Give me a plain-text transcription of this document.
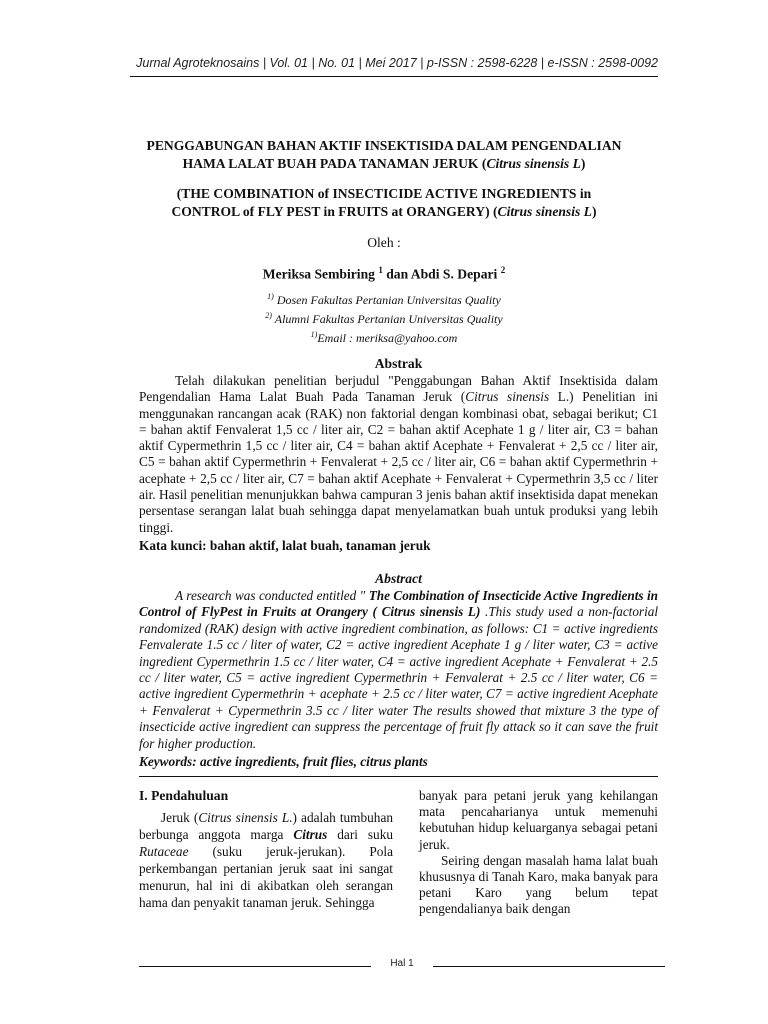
Jurnal Agroteknosains | Vol. 01 | No. 01 | Mei 2017 | p-ISSN : 2598-6228 | e-ISSN : 2598-0092

PENGGABUNGAN BAHAN AKTIF INSEKTISIDA DALAM PENGENDALIAN
HAMA LALAT BUAH PADA TANAMAN JERUK (Citrus sinensis L)

(THE COMBINATION of INSECTICIDE ACTIVE INGREDIENTS in
CONTROL of FLY PEST in FRUITS at ORANGERY) (Citrus sinensis L)

Oleh :
Meriksa Sembiring $^1$ dan Abdi S. Depari $^2$
$^{1)}$ Dosen Fakultas Pertanian Universitas Quality
$^{2)}$ Alumni Fakultas Pertanian Universitas Quality
$^{1)}$Email : meriksa@yahoo.com

Abstrak

Telah dilakukan penelitian berjudul "Penggabungan Bahan Aktif Insektisida dalam Pengendalian Hama Lalat Buah Pada Tanaman Jeruk (Citrus sinensis L.) Penelitian ini menggunakan rancangan acak (RAK) non faktorial dengan kombinasi obat, sebagai berikut; C1 = bahan aktif Fenvalerat 1,5 cc / liter air, C2 = bahan aktif Acephate 1 g / liter air, C3 = bahan aktif Cypermethrin 1,5 cc / liter air, C4 = bahan aktif Acephate + Fenvalerat + 2,5 cc / liter air, C5 = bahan aktif Cypermethrin + Fenvalerat + 2,5 cc / liter air, C6 = bahan aktif Cypermethrin + acephate + 2,5 cc / liter air, C7 = bahan aktif Acephate + Fenvalerat + Cypermethrin 3,5 cc / liter air. Hasil penelitian menunjukkan bahwa campuran 3 jenis bahan aktif insektisida dapat menekan persentase serangan lalat buah sehingga dapat menyelamatkan buah untuk produksi yang lebih tinggi.

Kata kunci: bahan aktif, lalat buah, tanaman jeruk

Abstract

A research was conducted entitled " The Combination of Insecticide Active Ingredients in Control of FlyPest in Fruits at Orangery ( Citrus sinensis L) .This study used a non-factorial randomized (RAK) design with active ingredient combination, as follows: C1 = active ingredients Fenvalerate 1.5 cc / liter of water, C2 = active ingredient Acephate 1 g / liter water, C3 = active ingredient Cypermethrin 1.5 cc / liter water, C4 = active ingredient Acephate + Fenvalerat + 2.5 cc / liter water, C5 = active ingredient Cypermethrin + Fenvalerat + 2.5 cc / liter water, C6 = active ingredient Cypermethrin + acephate + 2.5 cc / liter water, C7 = active ingredient Acephate + Fenvalerat + Cypermethrin 3.5 cc / liter water The results showed that mixture 3 the type of insecticide active ingredient can suppress the percentage of fruit fly attack so it can save the fruit for higher production.

Keywords: active ingredients, fruit flies, citrus plants

I. Pendahuluan

Jeruk (Citrus sinensis L.) adalah tumbuhan berbunga anggota marga Citrus dari suku Rutaceae (suku jeruk-jerukan). Pola perkembangan pertanian jeruk saat ini sangat menurun, hal ini di akibatkan oleh serangan hama dan penyakit tanaman jeruk. Sehingga

banyak para petani jeruk yang kehilangan mata pencaharianya untuk memenuhi kebutuhan hidup keluarganya sebagai petani jeruk.

Seiring dengan masalah hama lalat buah khususnya di Tanah Karo, maka banyak para petani Karo yang belum tepat pengendalianya baik dengan

Hal 1
